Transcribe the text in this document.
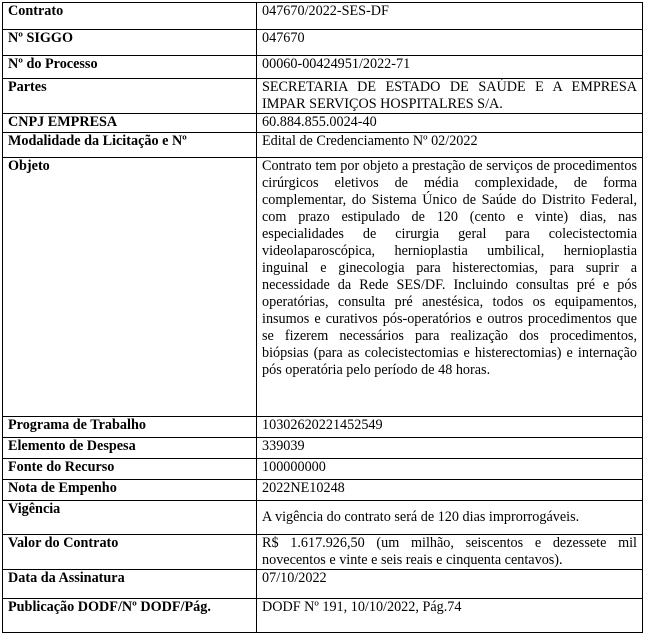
Contrato	047670/2022-SES-DF
Nº SIGGO	047670
Nº do Processo	00060-00424951/2022-71
Partes	SECRETARIA DE ESTADO DE SAÚDE E A EMPRESA IMPAR SERVIÇOS HOSPITALRES S/A.
CNPJ EMPRESA	60.884.855.0024-40
Modalidade da Licitação e Nº	Edital de Credenciamento Nº 02/2022
Objeto	Contrato tem por objeto a prestação de serviços de procedimentos cirúrgicos eletivos de média complexidade, de forma complementar, do Sistema Único de Saúde do Distrito Federal, com prazo estipulado de 120 (cento e vinte) dias, nas especialidades de cirurgia geral para colecistectomia videolaparoscópica, hernioplastia umbilical, hernioplastia inguinal e ginecologia para histerectomias, para suprir a necessidade da Rede SES/DF. Incluindo consultas pré e pós operatórias, consulta pré anestésica, todos os equipamentos, insumos e curativos pós-operatórios e outros procedimentos que se fizerem necessários para realização dos procedimentos, biópsias (para as colecistectomias e histerectomias) e internação pós operatória pelo período de 48 horas.
Programa de Trabalho	10302620221452549
Elemento de Despesa	339039
Fonte do Recurso	100000000
Nota de Empenho	2022NE10248
Vigência	A vigência do contrato será de 120 dias improrrogáveis.
Valor do Contrato	R$ 1.617.926,50 (um milhão, seiscentos e dezessete mil novecentos e vinte e seis reais e cinquenta centavos).
Data da Assinatura	07/10/2022
Publicação DODF/Nº DODF/Pág.	DODF Nº 191, 10/10/2022, Pág.74
